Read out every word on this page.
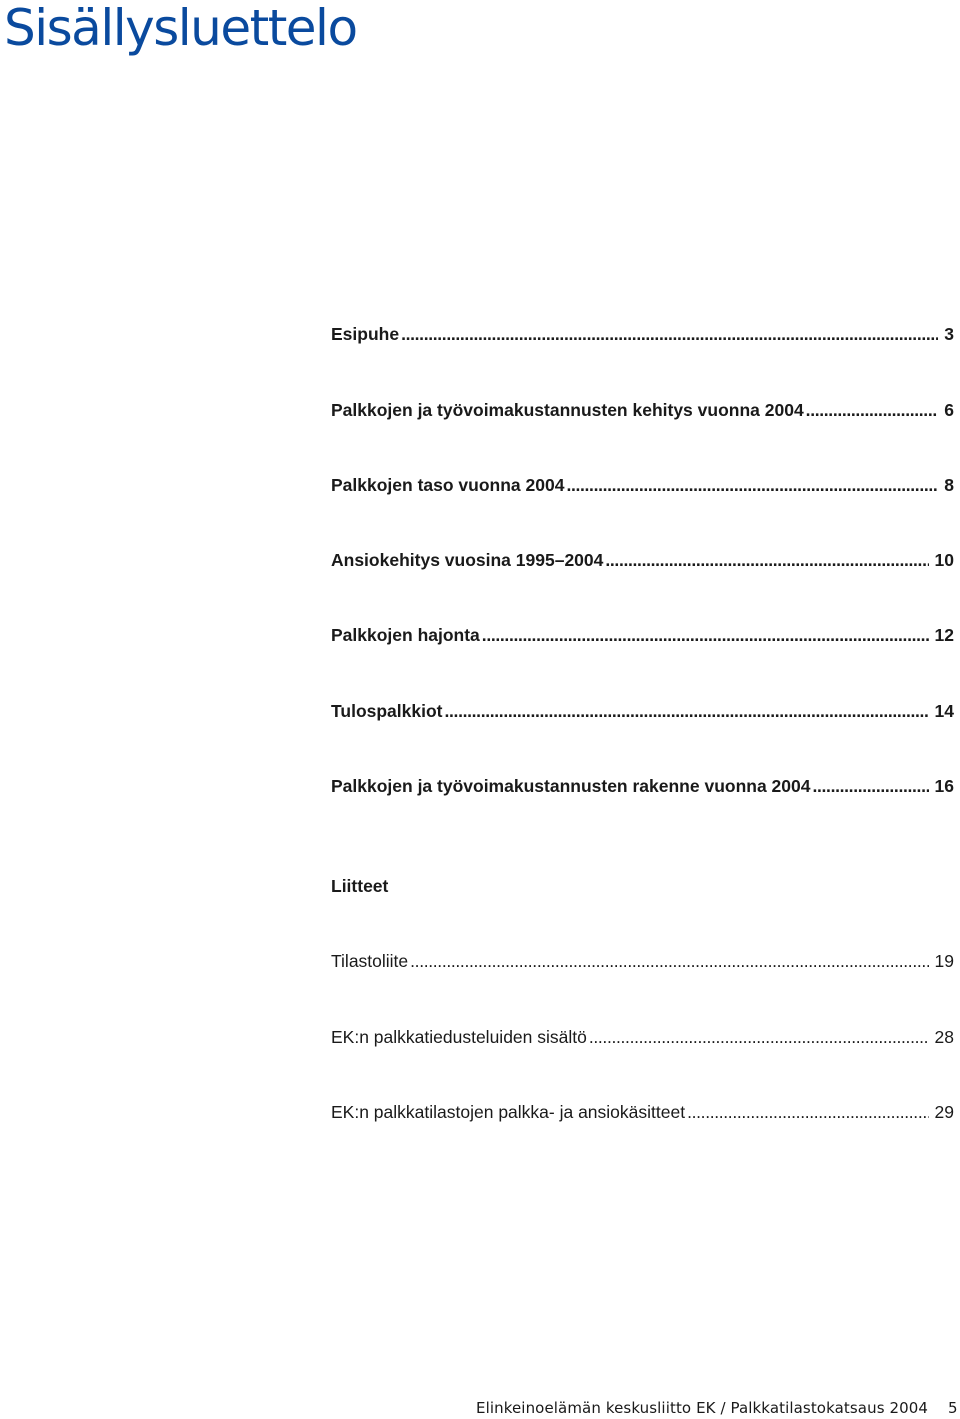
Sisällysluettelo
Esipuhe . . .	3
Palkkojen ja työvoimakustannusten kehitys vuonna 2004 . . .	6
Palkkojen taso vuonna 2004 . . .	8
Ansiokehitys vuosina 1995–2004 . . .	10
Palkkojen hajonta . . .	12
Tulospalkkiot . . .	14
Palkkojen ja työvoimakustannusten rakenne vuonna 2004 . . .	16
Liitteet
Tilastoliite . . .	19
EK:n palkkatiedusteluiden sisältö . . .	28
EK:n palkkatilastojen palkka- ja ansiokäsitteet . . .	29
Elinkeinoelämän keskusliitto EK / Palkkatilastokatsaus 2004 5
